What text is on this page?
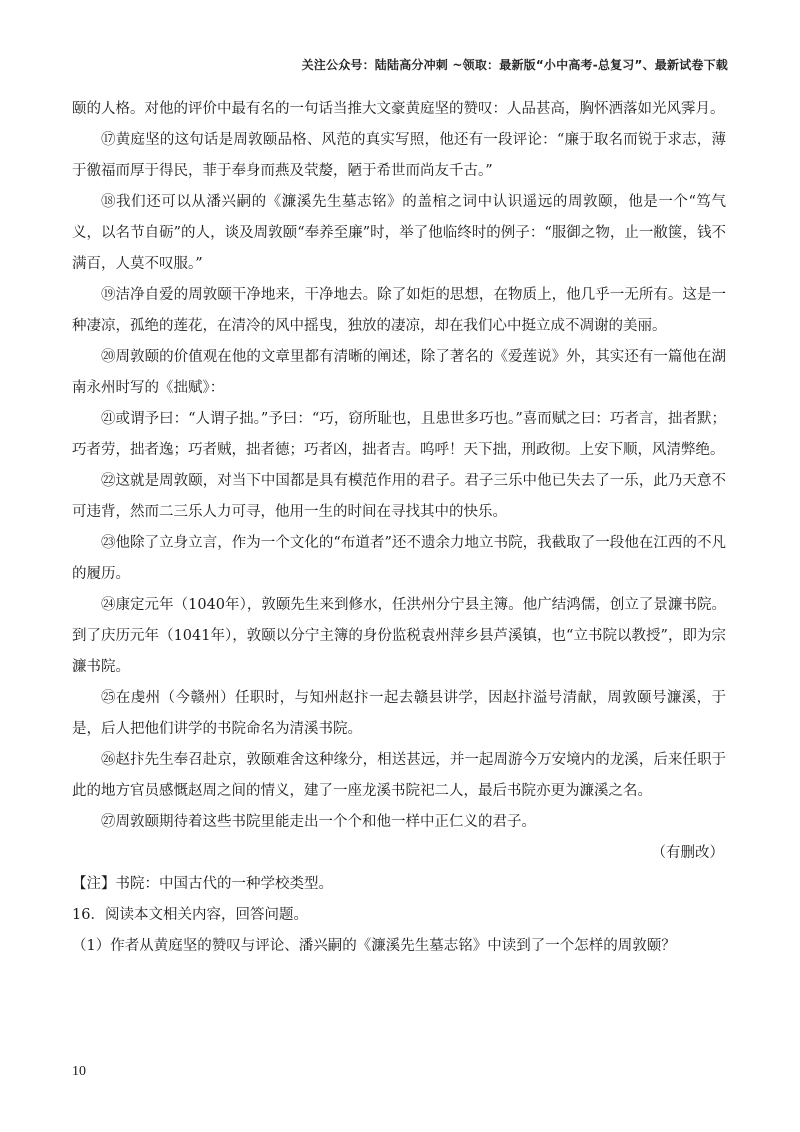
关注公众号：陆陆高分冲刺 ~领取：最新版“小中高考-总复习”、最新试卷下载

颐的人格。对他的评价中最有名的一句话当推大文豪黄庭坚的赞叹：人品甚高，胸怀洒落如光风霁月。

⑰黄庭坚的这句话是周敦颐品格、风范的真实写照，他还有一段评论：“廉于取名而锐于求志，薄于徼福而厚于得民，菲于奉身而燕及茕嫠，陋于希世而尚友千古。”

⑱我们还可以从潘兴嗣的《濂溪先生墓志铭》的盖棺之词中认识遥远的周敦颐，他是一个“笃气义，以名节自砺”的人，谈及周敦颐“奉养至廉”时，举了他临终时的例子：“服御之物，止一敝箧，钱不满百，人莫不叹服。”

⑲洁净自爱的周敦颐干净地来，干净地去。除了如炬的思想，在物质上，他几乎一无所有。这是一种凄凉，孤绝的莲花，在清冷的风中摇曳，独放的凄凉，却在我们心中挺立成不凋谢的美丽。

⑳周敦颐的价值观在他的文章里都有清晰的阐述，除了著名的《爱莲说》外，其实还有一篇他在湖南永州时写的《拙赋》：

㉑或谓予曰：“人谓子拙。”予曰：“巧，窃所耻也，且患世多巧也。”喜而赋之曰：巧者言，拙者默；巧者劳，拙者逸；巧者贼，拙者德；巧者凶，拙者吉。呜呼！天下拙，刑政彻。上安下顺，风清弊绝。

㉒这就是周敦颐，对当下中国都是具有模范作用的君子。君子三乐中他已失去了一乐，此乃天意不可违背，然而二三乐人力可寻，他用一生的时间在寻找其中的快乐。

㉓他除了立身立言，作为一个文化的“布道者”还不遗余力地立书院，我截取了一段他在江西的不凡的履历。

㉔康定元年（1040年），敦颐先生来到修水，任洪州分宁县主簿。他广结鸿儒，创立了景濂书院。到了庆历元年（1041年），敦颐以分宁主簿的身份监税袁州萍乡县芦溪镇，也“立书院以教授”，即为宗濂书院。

㉕在虔州（今赣州）任职时，与知州赵抃一起去赣县讲学，因赵抃溢号清献，周敦颐号濂溪，于是，后人把他们讲学的书院命名为清溪书院。

㉖赵抃先生奉召赴京，敦颐难舍这种缘分，相送甚远，并一起周游今万安境内的龙溪，后来任职于此的地方官员感慨赵周之间的情义，建了一座龙溪书院祀二人，最后书院亦更为濂溪之名。

㉗周敦颐期待着这些书院里能走出一个个和他一样中正仁义的君子。

（有删改）

【注】书院：中国古代的一种学校类型。

16．阅读本文相关内容，回答问题。

（1）作者从黄庭坚的赞叹与评论、潘兴嗣的《濂溪先生墓志铭》中读到了一个怎样的周敦颐？

10
